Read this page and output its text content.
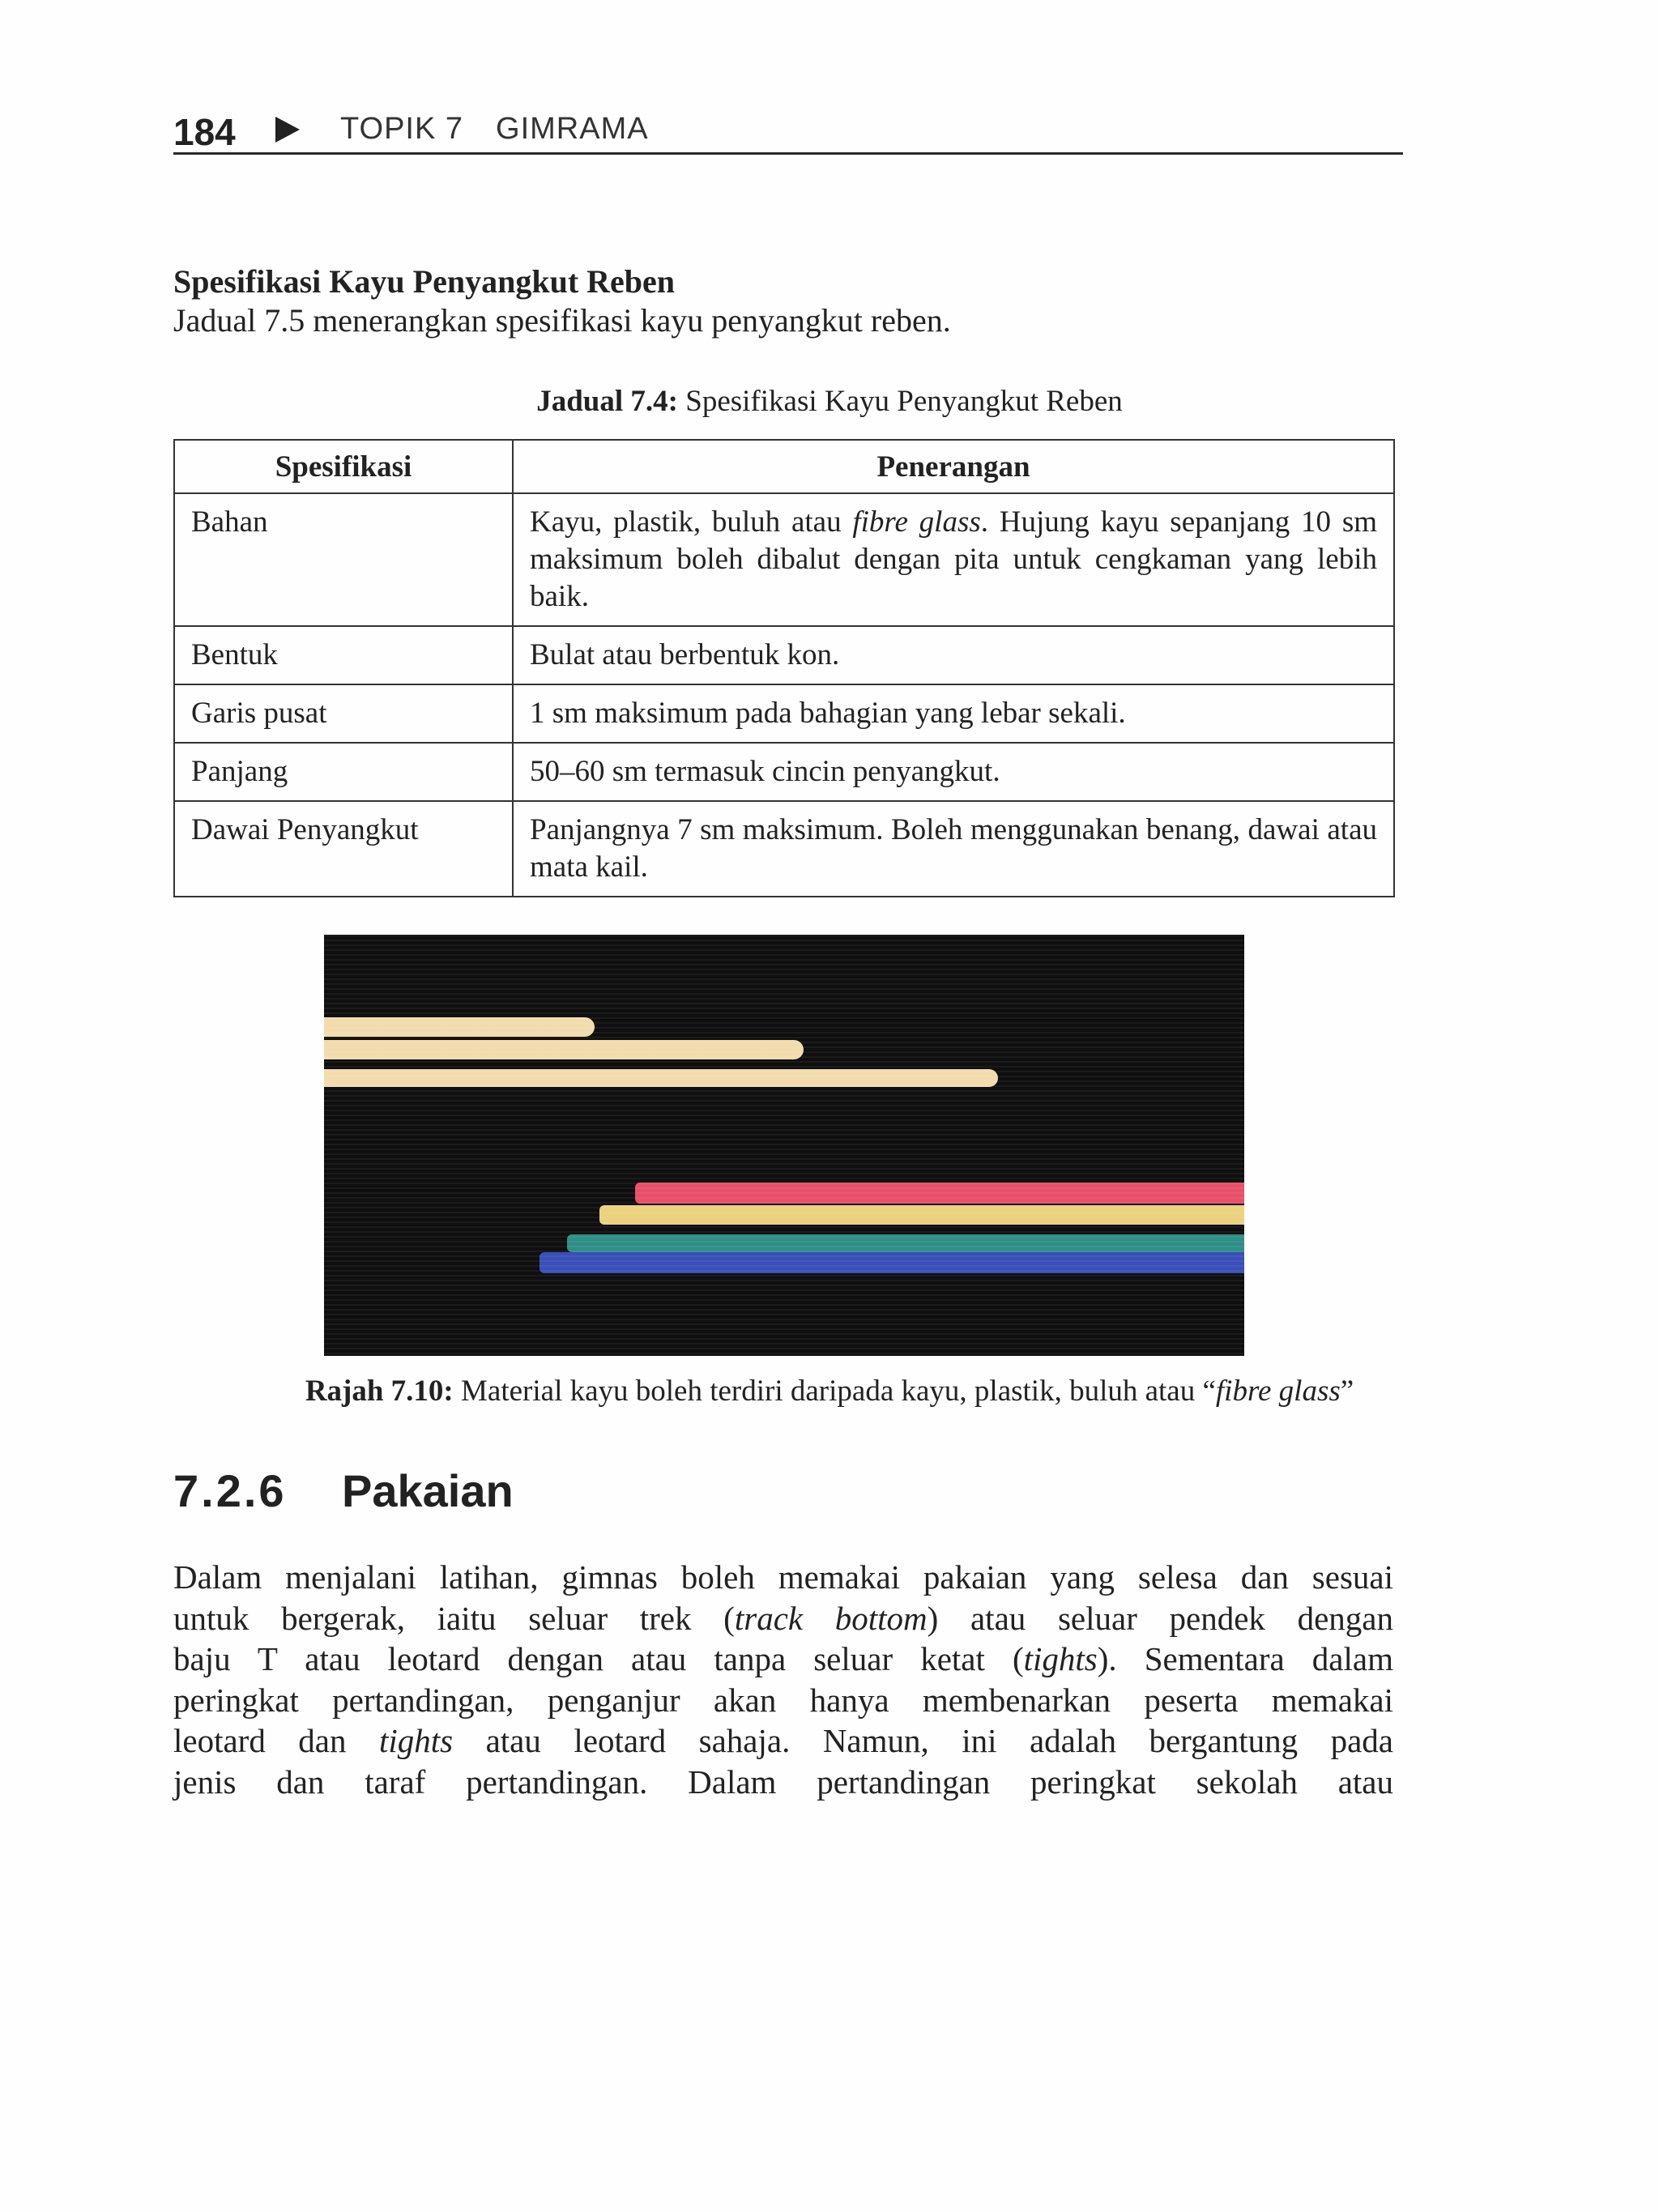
184	TOPIK 7 GIMRAMA
Spesifikasi Kayu Penyangkut Reben
Jadual 7.5 menerangkan spesifikasi kayu penyangkut reben.
Jadual 7.4: Spesifikasi Kayu Penyangkut Reben
Spesifikasi	Penerangan
Bahan	Kayu, plastik, buluh atau fibre glass. Hujung kayu sepanjang 10 sm maksimum boleh dibalut dengan pita untuk cengkaman yang lebih baik.
Bentuk	Bulat atau berbentuk kon.
Garis pusat	1 sm maksimum pada bahagian yang lebar sekali.
Panjang	50–60 sm termasuk cincin penyangkut.
Dawai Penyangkut	Panjangnya 7 sm maksimum. Boleh menggunakan benang, dawai atau mata kail.
Rajah 7.10: Material kayu boleh terdiri daripada kayu, plastik, buluh atau “fibre glass”
7.2.6 Pakaian
Dalam menjalani latihan, gimnas boleh memakai pakaian yang selesa dan sesuai
untuk bergerak, iaitu seluar trek (track bottom) atau seluar pendek dengan
baju T atau leotard dengan atau tanpa seluar ketat (tights). Sementara dalam
peringkat pertandingan, penganjur akan hanya membenarkan peserta memakai
leotard dan tights atau leotard sahaja. Namun, ini adalah bergantung pada
jenis dan taraf pertandingan. Dalam pertandingan peringkat sekolah atau
